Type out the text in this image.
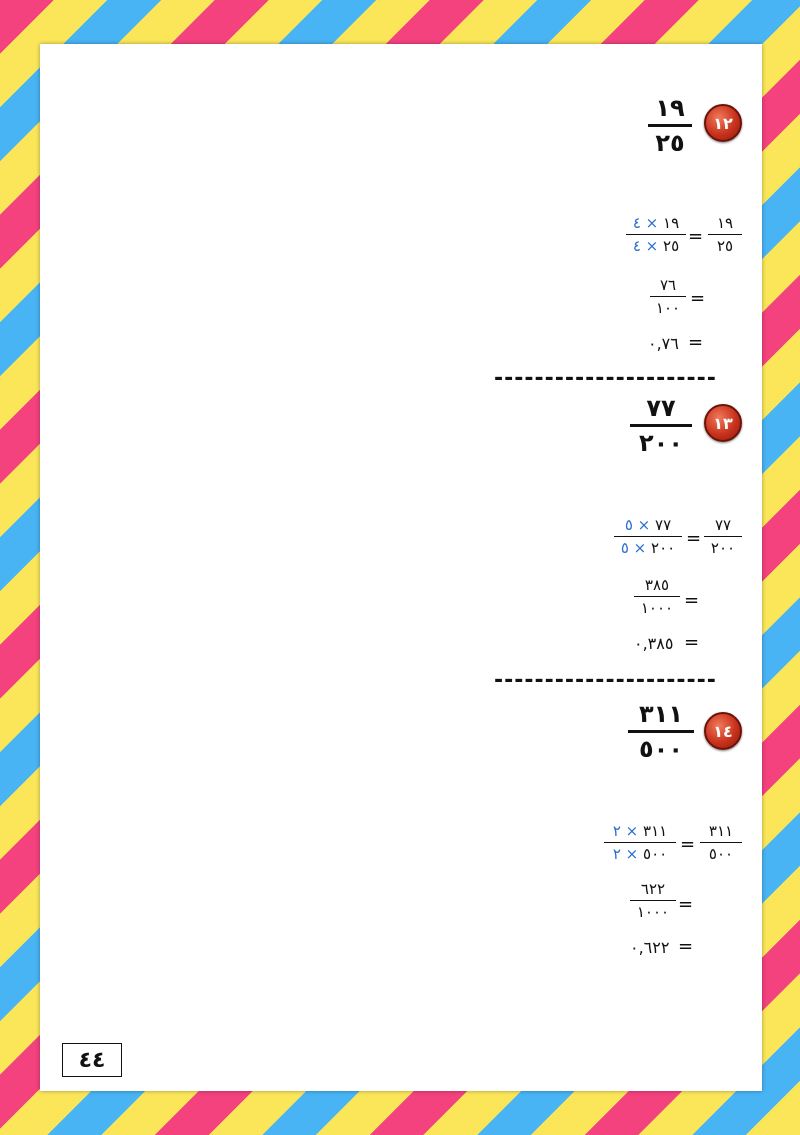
١٢
١٩
٢٥
١٩
٢٥
=
١٩ × ٤
٢٥ × ٤
=
٧٦
١٠٠
=
٠,٧٦
----------------------
١٣
٧٧
٢٠٠
٧٧
٢٠٠
=
٧٧ × ٥
٢٠٠ × ٥
=
٣٨٥
١٠٠٠
=
٠,٣٨٥
----------------------
١٤
٣١١
٥٠٠
٣١١
٥٠٠
=
٣١١ × ٢
٥٠٠ × ٢
=
٦٢٢
١٠٠٠
=
٠,٦٢٢
٤٤
